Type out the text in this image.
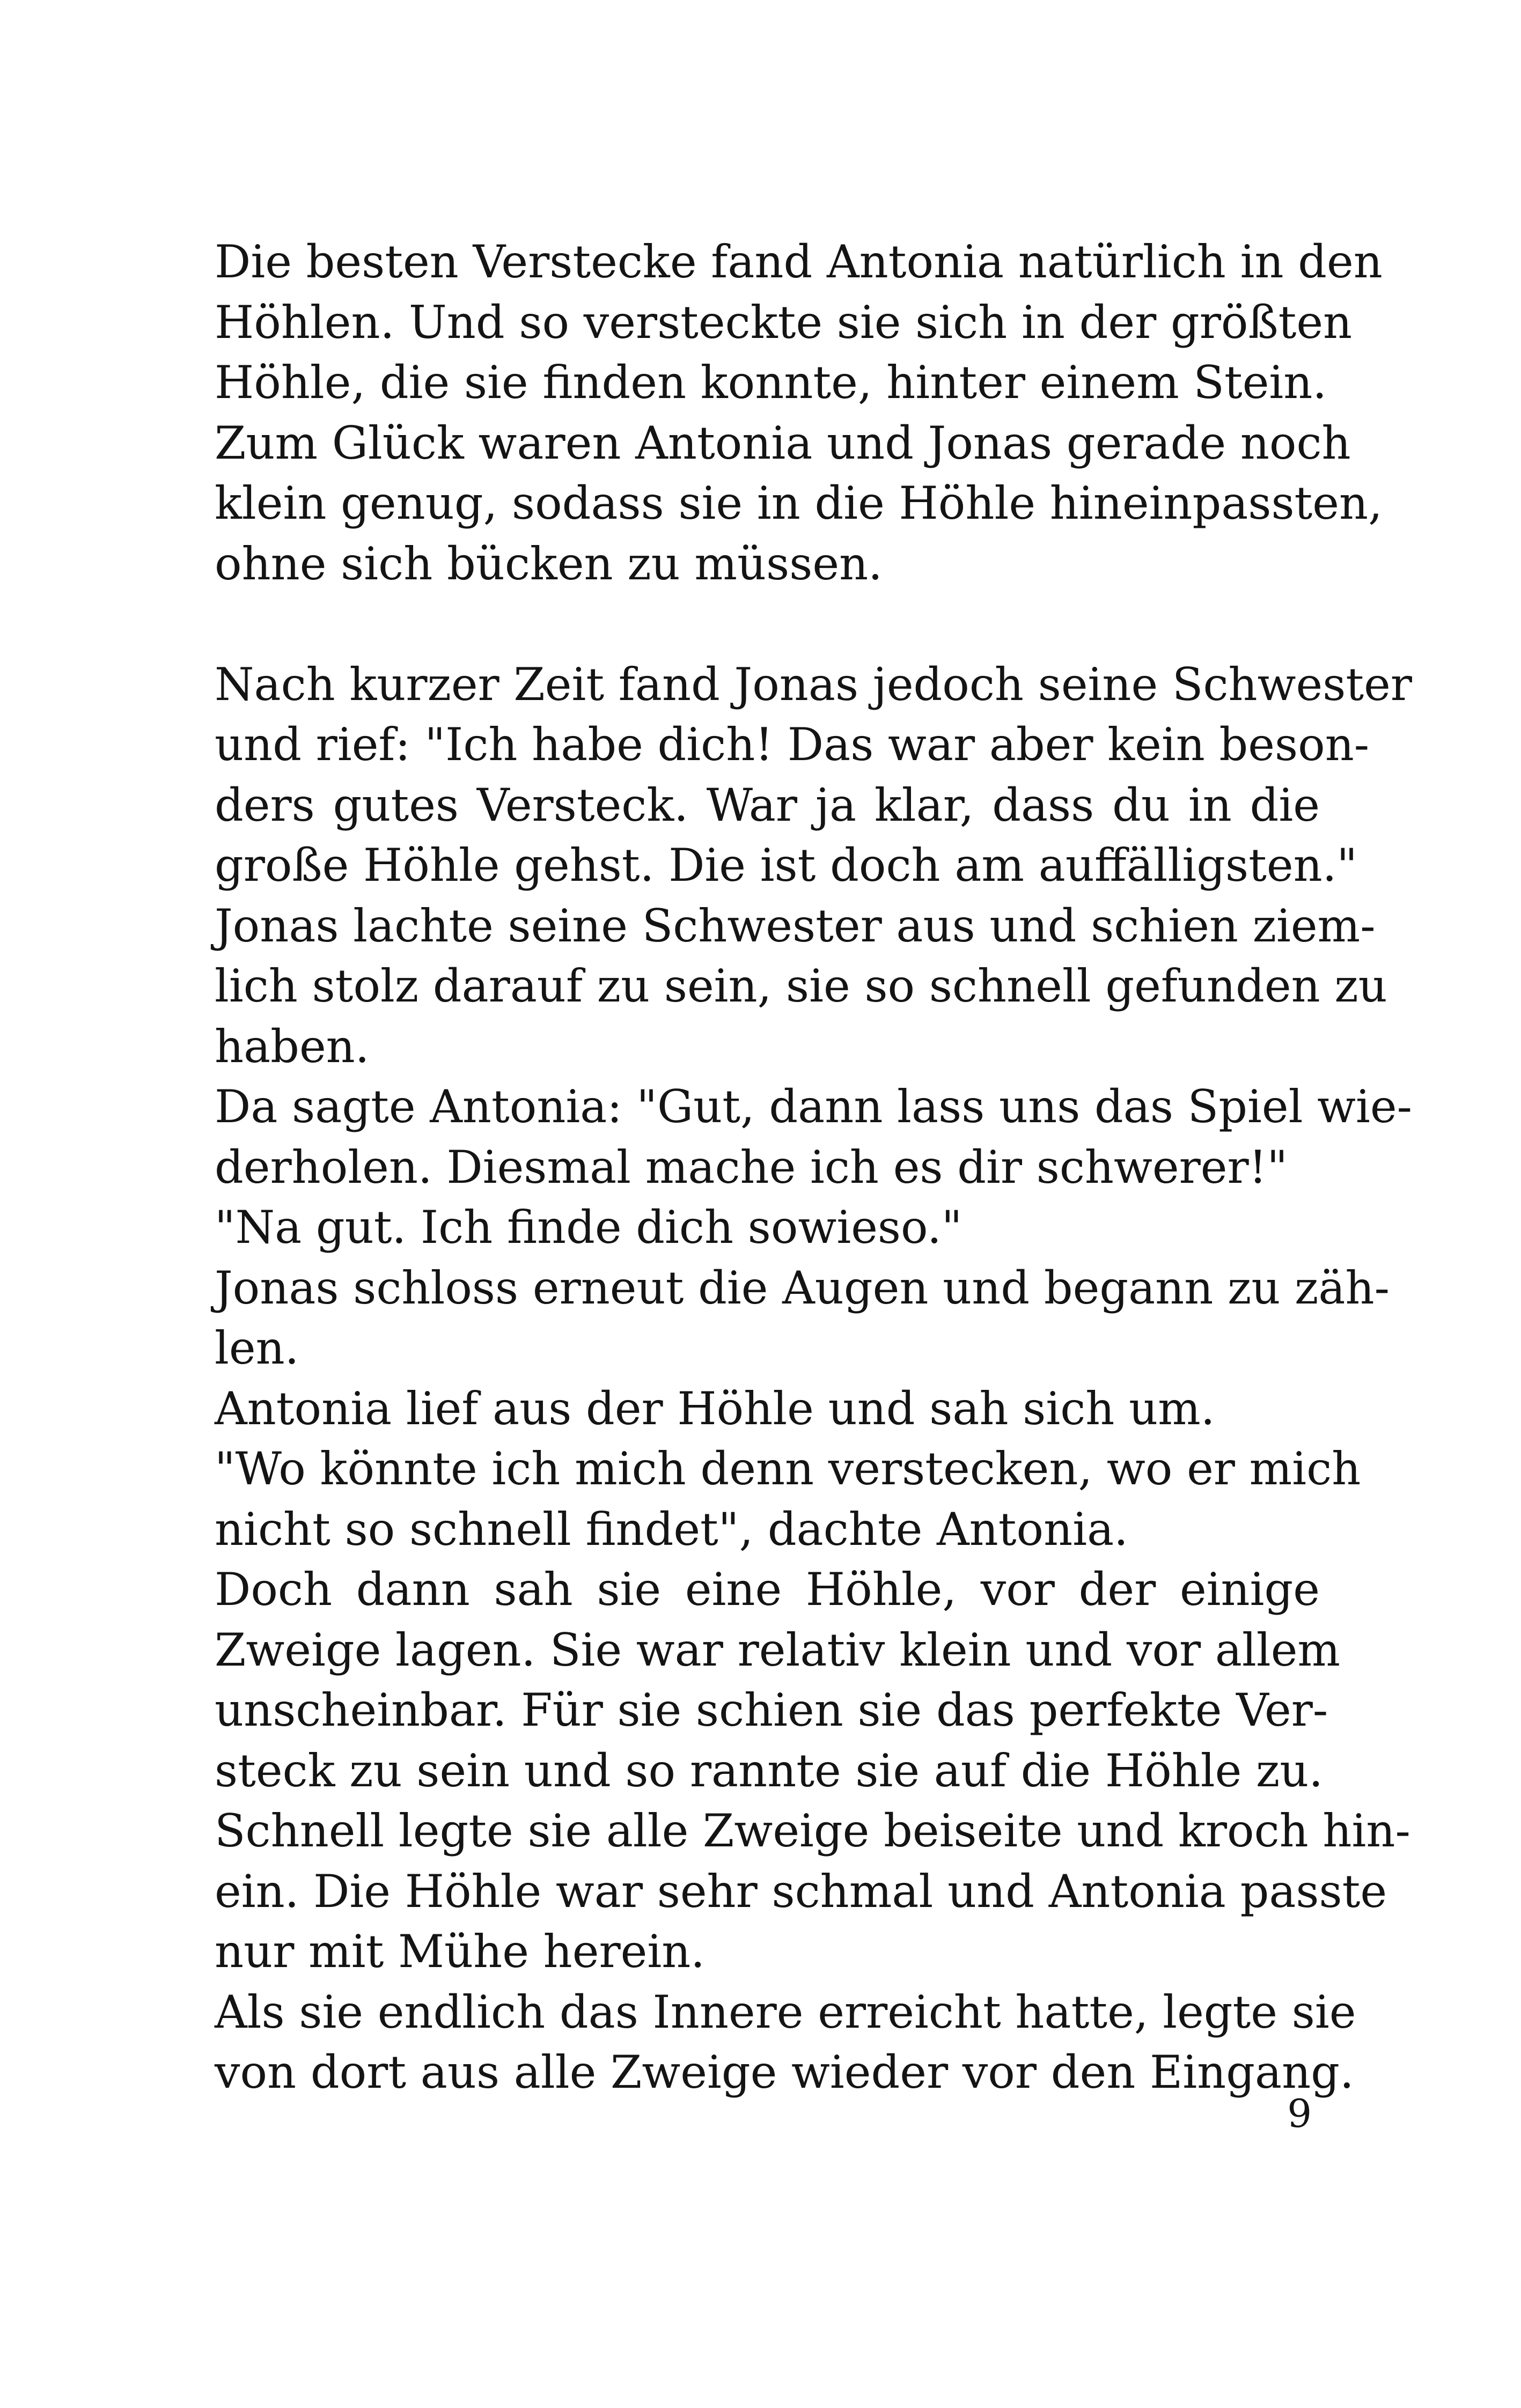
Die besten Verstecke fand Antonia natürlich in den
Höhlen. Und so versteckte sie sich in der größten
Höhle, die sie finden konnte, hinter einem Stein.
Zum Glück waren Antonia und Jonas gerade noch
klein genug, sodass sie in die Höhle hineinpassten,
ohne sich bücken zu müssen.
Nach kurzer Zeit fand Jonas jedoch seine Schwester
und rief: "Ich habe dich! Das war aber kein beson-
ders gutes Versteck. War ja klar, dass du in die
große Höhle gehst. Die ist doch am auffälligsten."
Jonas lachte seine Schwester aus und schien ziem-
lich stolz darauf zu sein, sie so schnell gefunden zu
haben.
Da sagte Antonia: "Gut, dann lass uns das Spiel wie-
derholen. Diesmal mache ich es dir schwerer!"
"Na gut. Ich finde dich sowieso."
Jonas schloss erneut die Augen und begann zu zäh-
len.
Antonia lief aus der Höhle und sah sich um.
"Wo könnte ich mich denn verstecken, wo er mich
nicht so schnell findet", dachte Antonia.
Doch dann sah sie eine Höhle, vor der einige
Zweige lagen. Sie war relativ klein und vor allem
unscheinbar. Für sie schien sie das perfekte Ver-
steck zu sein und so rannte sie auf die Höhle zu.
Schnell legte sie alle Zweige beiseite und kroch hin-
ein. Die Höhle war sehr schmal und Antonia passte
nur mit Mühe herein.
Als sie endlich das Innere erreicht hatte, legte sie
von dort aus alle Zweige wieder vor den Eingang.
9
